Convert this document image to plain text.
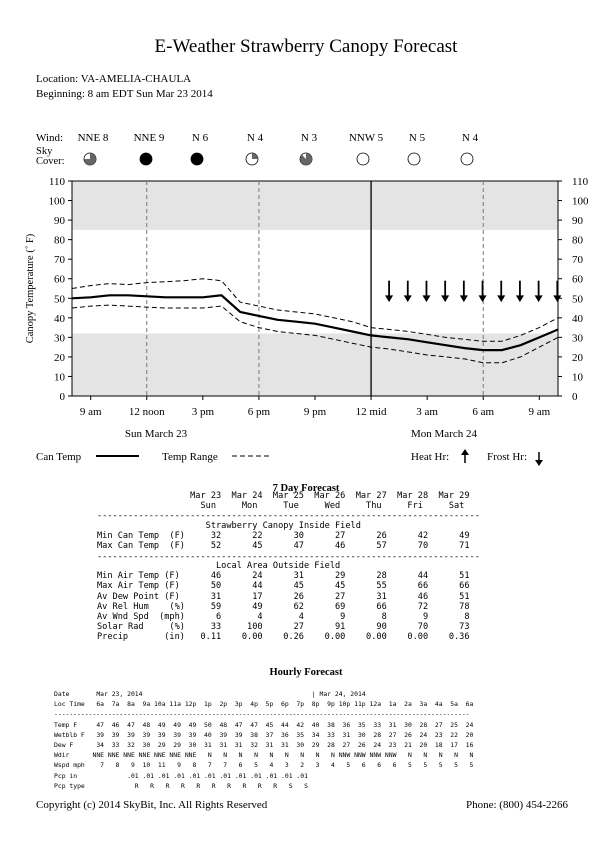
E-Weather Strawberry Canopy Forecast
Location: VA-AMELIA-CHAULA
Beginning: 8 am EDT Sun Mar 23 2014
0	0
10	10
20	20
30	30
40	40
50	50
60	60
70	70
80	80
90	90
100	100
110	110
Canopy Temperature (˚ F)
9 am 12 noon 3 pm	6 pm	9 pm	12 mid	3 am	6 am	9 am
Sun March 23	Mon March 24
Wind:
Sky
Cover:
NNE 8 NNE 9 N 6	N 4	N 3	NNW 5 N 5	N 4
Can Temp	Temp Range	Heat Hr:	Frost Hr:
7 Day Forecast
Mar 23  Mar 24  Mar 25  Mar 26  Mar 27  Mar 28  Mar 29
Sun     Mon     Tue     Wed     Thu     Fri     Sat
--------------------------------------------------------------------------
Strawberry Canopy Inside Field
Min Can Temp  (F)     32      22      30      27      26      42      49
Max Can Temp  (F)     52      45      47      46      57      70      71
--------------------------------------------------------------------------
Local Area Outside Field
Min Air Temp (F)      46      24      31      29      28      44      51
Max Air Temp (F)      50      44      45      45      55      66      66
Av Dew Point (F)      31      17      26      27      31      46      51
Av Rel Hum    (%)     59      49      62      69      66      72      78
Av Wnd Spd  (mph)      6       4       4       9       8       9       8
Solar Rad     (%)     33     100      27      91      90      70      73
Precip       (in)   0.11    0.00    0.26    0.00    0.00    0.00    0.36
Hourly Forecast
Date       Mar 23, 2014                                            | Mar 24, 2014
Loc Time   6a  7a  8a  9a 10a 11a 12p  1p  2p  3p  4p  5p  6p  7p  8p  9p 10p 11p 12a  1a  2a  3a  4a  5a  6a
------------------------------------------------------------------------------------------------------------
Temp F     47  46  47  48  49  49  49  50  48  47  47  45  44  42  40  38  36  35  33  31  30  28  27  25  24
Wetblb F   39  39  39  39  39  39  39  40  39  39  38  37  36  35  34  33  31  30  28  27  26  24  23  22  20
Dew F      34  33  32  30  29  29  30  31  31  31  32  31  31  30  29  28  27  26  24  23  21  20  18  17  16
Wdir      NNE NNE NNE NNE NNE NNE NNE   N   N   N   N   N   N   N   N   N NNW NNW NNW NNW   N   N   N   N   N
Wspd mph    7   8   9  10  11   9   8   7   7   6   5   4   3   2   3   4   5   6   6   6   5   5   5   5   5
Pcp in             .01 .01 .01 .01 .01 .01 .01 .01 .01 .01 .01 .01
Pcp type             R   R   R   R   R   R   R   R   R   R   S   S
Copyright (c) 2014 SkyBit, Inc. All Rights Reserved	Phone: (800) 454-2266
